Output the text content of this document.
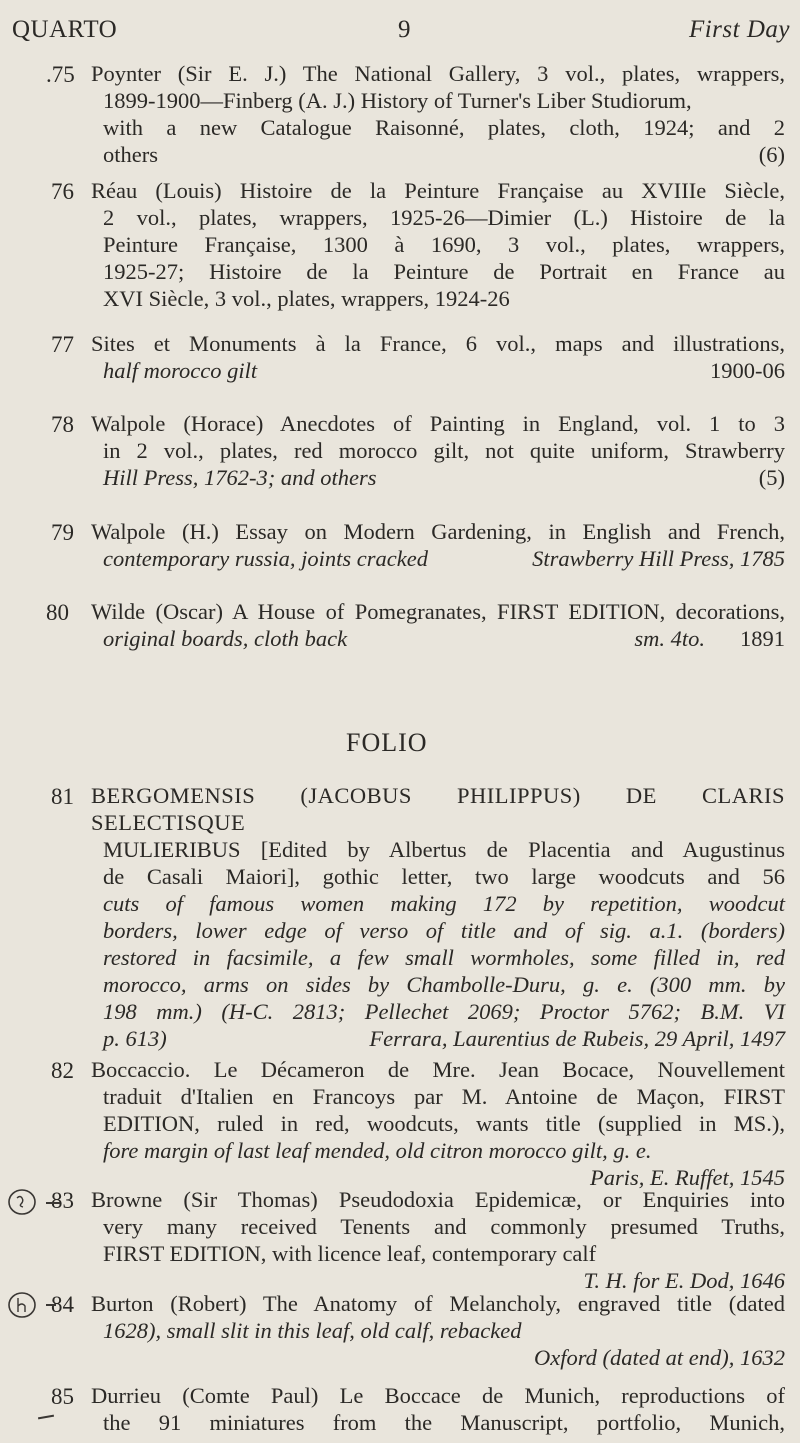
QUARTO	9	First Day
.75 Poynter (Sir E. J.) The National Gallery, 3 vol., plates, wrappers,
1899-1900—Finberg (A. J.) History of Turner's Liber Studiorum,
with a new Catalogue Raisonné, plates, cloth, 1924; and 2
others	(6)
76 Réau (Louis) Histoire de la Peinture Française au XVIIIe Siècle,
2 vol., plates, wrappers, 1925-26—Dimier (L.) Histoire de la
Peinture Française, 1300 à 1690, 3 vol., plates, wrappers,
1925-27; Histoire de la Peinture de Portrait en France au
XVI Siècle, 3 vol., plates, wrappers, 1924-26
77 Sites et Monuments à la France, 6 vol., maps and illustrations,
half morocco gilt	1900-06
78 Walpole (Horace) Anecdotes of Painting in England, vol. 1 to 3
in 2 vol., plates, red morocco gilt, not quite uniform, Strawberry
Hill Press, 1762-3; and others	(5)
79 Walpole (H.) Essay on Modern Gardening, in English and French,
contemporary russia, joints cracked	Strawberry Hill Press, 1785
80 Wilde (Oscar) A House of Pomegranates, FIRST EDITION, decorations,
original boards, cloth back	sm. 4to. 1891
FOLIO
81 BERGOMENSIS (JACOBUS PHILIPPUS) DE CLARIS SELECTISQUE
MULIERIBUS [Edited by Albertus de Placentia and Augustinus
de Casali Maiori], gothic letter, two large woodcuts and 56
cuts of famous women making 172 by repetition, woodcut
borders, lower edge of verso of title and of sig. a.1. (borders)
restored in facsimile, a few small wormholes, some filled in, red
morocco, arms on sides by Chambolle-Duru, g. e. (300 mm. by
198 mm.) (H-C. 2813; Pellechet 2069; Proctor 5762; B.M. VI
p. 613)	Ferrara, Laurentius de Rubeis, 29 April, 1497
82 Boccaccio. Le Décameron de Mre. Jean Bocace, Nouvellement
traduit d'Italien en Francoys par M. Antoine de Maçon, FIRST
EDITION, ruled in red, woodcuts, wants title (supplied in MS.),
fore margin of last leaf mended, old citron morocco gilt, g. e.
Paris, E. Ruffet, 1545
83 Browne (Sir Thomas) Pseudodoxia Epidemicæ, or Enquiries into
very many received Tenents and commonly presumed Truths,
FIRST EDITION, with licence leaf, contemporary calf
T. H. for E. Dod, 1646
84 Burton (Robert) The Anatomy of Melancholy, engraved title (dated
1628), small slit in this leaf, old calf, rebacked
Oxford (dated at end), 1632
85 Durrieu (Comte Paul) Le Boccace de Munich, reproductions of
the 91 miniatures from the Manuscript, portfolio, Munich,
